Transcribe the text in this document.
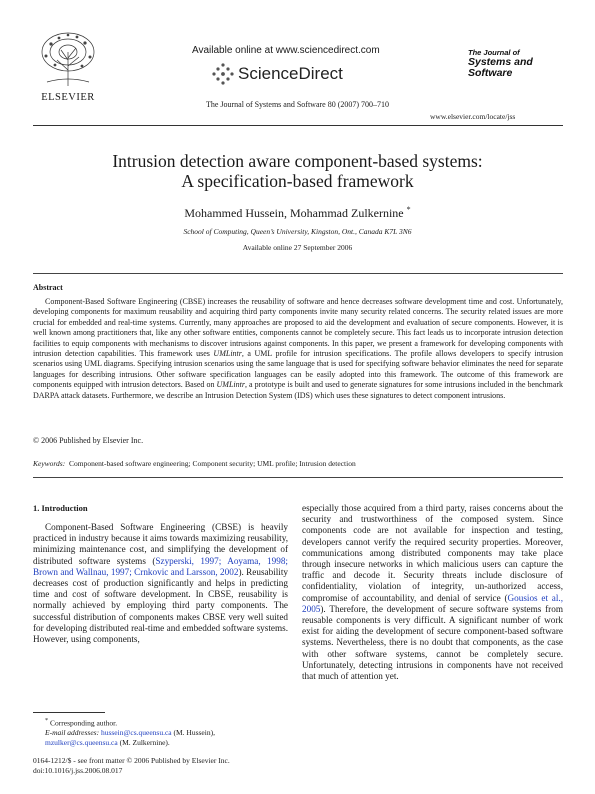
ELSEVIER
Available online at www.sciencedirect.com
ScienceDirect
The Journal of Systems and Software 80 (2007) 700–710
The Journal of
Systems and
Software
www.elsevier.com/locate/jss
Intrusion detection aware component-based systems:
A specification-based framework
Mohammed Hussein, Mohammad Zulkernine *
School of Computing, Queen’s University, Kingston, Ont., Canada K7L 3N6
Available online 27 September 2006
Abstract

Component-Based Software Engineering (CBSE) increases the reusability of software and hence decreases software development time and cost. Unfortunately, developing components for maximum reusability and acquiring third party components invite many security related concerns. The security related issues are more crucial for embedded and real-time systems. Currently, many approaches are proposed to aid the development and evaluation of secure components. However, it is well known among practitioners that, like any other software entities, components cannot be completely secure. This fact leads us to incorporate intrusion detection facilities to equip components with mechanisms to discover intrusions against components. In this paper, we present a framework for developing components with intrusion detection capabilities. This framework uses UMLintr, a UML profile for intrusion specifications. The profile allows developers to specify intrusion scenarios using UML diagrams. Specifying intrusion scenarios using the same language that is used for specifying software behavior eliminates the need for separate languages for describing intrusions. Other software specification languages can be easily adopted into this framework. The outcome of this framework are components equipped with intrusion detectors. Based on UMLintr, a prototype is built and used to generate signatures for some intrusions included in the benchmark DARPA attack datasets. Furthermore, we describe an Intrusion Detection System (IDS) which uses these signatures to detect component intrusions.

© 2006 Published by Elsevier Inc.
Keywords: Component-based software engineering; Component security; UML profile; Intrusion detection
1. Introduction
Component-Based Software Engineering (CBSE) is heavily practiced in industry because it aims towards maximizing reusability, minimizing maintenance cost, and simplifying the development of distributed software systems (Szyperski, 1997; Aoyama, 1998; Brown and Wallnau, 1997; Crnkovic and Larsson, 2002). Reusability decreases cost of production significantly and helps in predicting time and cost of software development. In CBSE, reusability is normally achieved by employing third party components. The successful distribution of components makes CBSE very well suited for developing distributed real-time and embedded software systems. However, using components,
especially those acquired from a third party, raises concerns about the security and trustworthiness of the composed system. Since components code are not available for inspection and testing, developers cannot verify the required security properties. Moreover, communications among distributed components may take place through insecure networks in which malicious users can capture the traffic and decode it. Security threats include disclosure of confidentiality, violation of integrity, un-authorized access, compromise of accountability, and denial of service (Gousios et al., 2005). Therefore, the development of secure software systems from reusable components is very difficult. A significant number of work exist for aiding the development of secure component-based software systems. Nevertheless, there is no doubt that components, as the case with other software systems, cannot be completely secure. Unfortunately, detecting intrusions in components have not received that much of attention yet.
* Corresponding author.
E-mail addresses: hussein@cs.queensu.ca (M. Hussein), mzulker@cs.queensu.ca (M. Zulkernine).
0164-1212/$ - see front matter © 2006 Published by Elsevier Inc.
doi:10.1016/j.jss.2006.08.017
